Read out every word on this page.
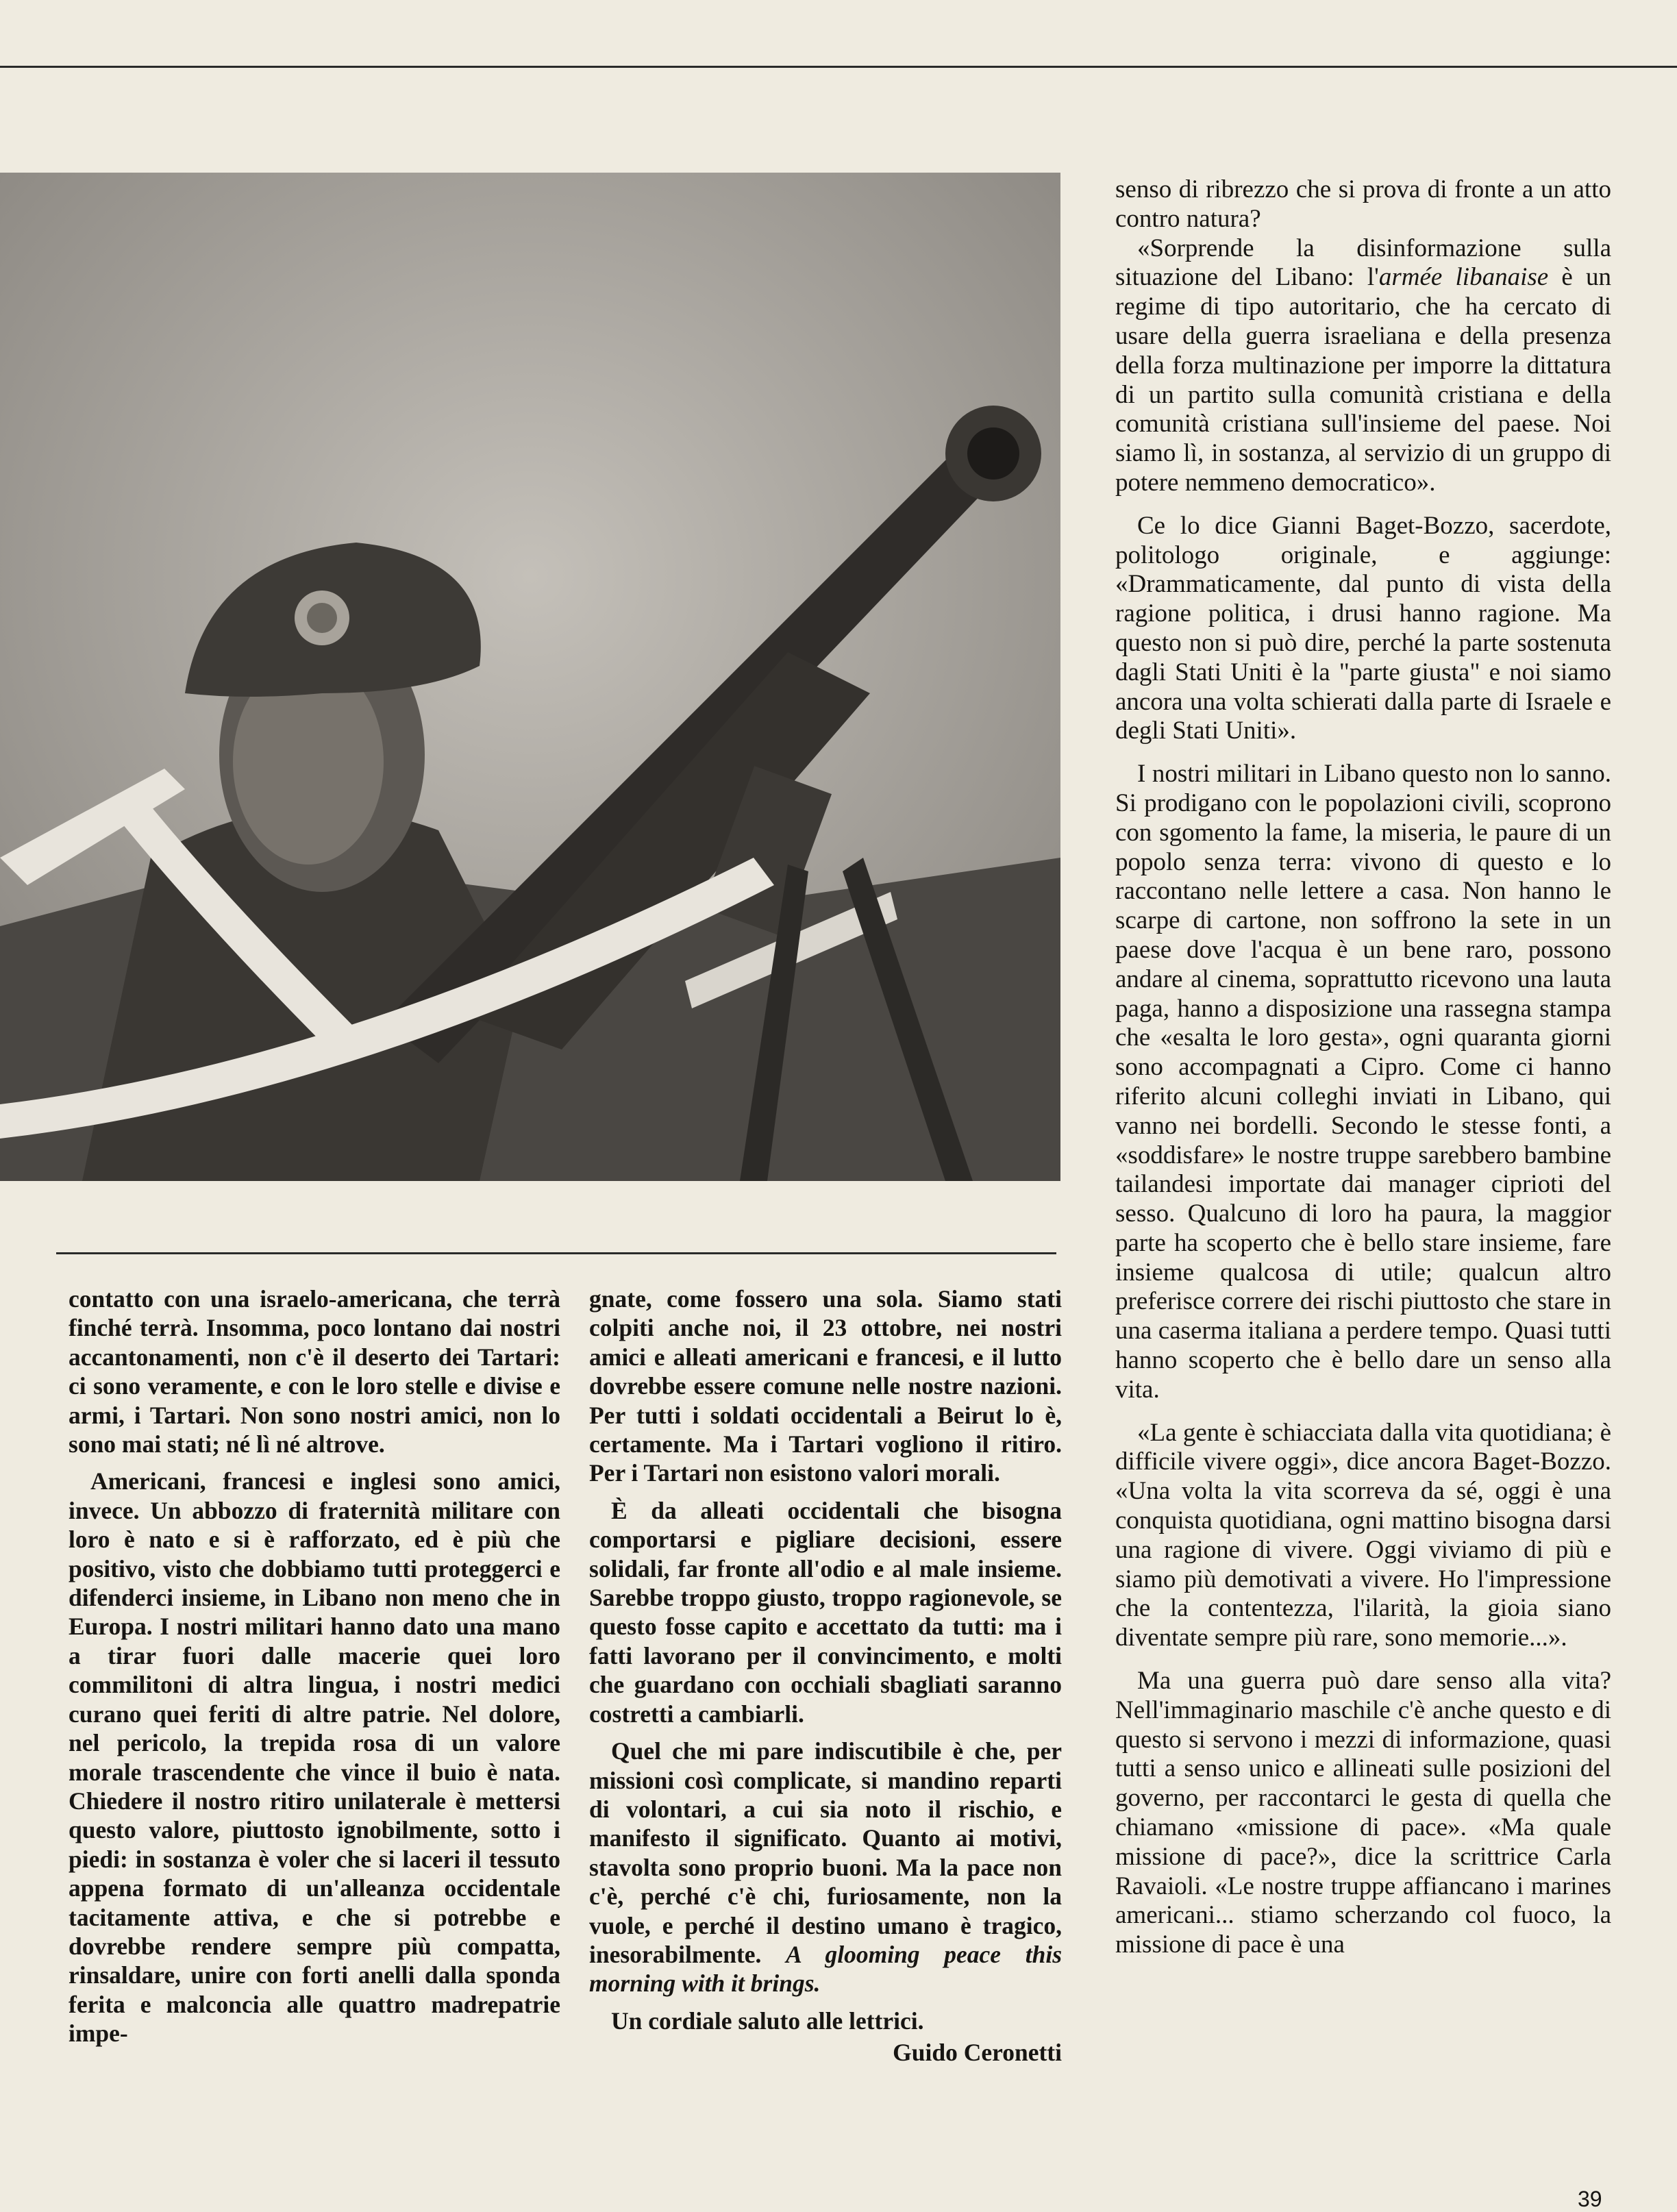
contatto con una israelo-americana, che terrà finché terrà. Insomma, poco lontano dai nostri accantonamenti, non c'è il deserto dei Tartari: ci sono veramente, e con le loro stelle e divise e armi, i Tartari. Non sono nostri amici, non lo sono mai stati; né lì né altrove.

Americani, francesi e inglesi sono amici, invece. Un abbozzo di fraternità militare con loro è nato e si è rafforzato, ed è più che positivo, visto che dobbiamo tutti proteggerci e difenderci insieme, in Libano non meno che in Europa. I nostri militari hanno dato una mano a tirar fuori dalle macerie quei loro commilitoni di altra lingua, i nostri medici curano quei feriti di altre patrie. Nel dolore, nel pericolo, la trepida rosa di un valore morale trascendente che vince il buio è nata. Chiedere il nostro ritiro unilaterale è mettersi questo valore, piuttosto ignobilmente, sotto i piedi: in sostanza è voler che si laceri il tessuto appena formato di un'alleanza occidentale tacitamente attiva, e che si potrebbe e dovrebbe rendere sempre più compatta, rinsaldare, unire con forti anelli dalla sponda ferita e malconcia alle quattro madrepatrie impe-

gnate, come fossero una sola. Siamo stati colpiti anche noi, il 23 ottobre, nei nostri amici e alleati americani e francesi, e il lutto dovrebbe essere comune nelle nostre nazioni. Per tutti i soldati occidentali a Beirut lo è, certamente. Ma i Tartari vogliono il ritiro. Per i Tartari non esistono valori morali.

È da alleati occidentali che bisogna comportarsi e pigliare decisioni, essere solidali, far fronte all'odio e al male insieme. Sarebbe troppo giusto, troppo ragionevole, se questo fosse capito e accettato da tutti: ma i fatti lavorano per il convincimento, e molti che guardano con occhiali sbagliati saranno costretti a cambiarli.

Quel che mi pare indiscutibile è che, per missioni così complicate, si mandino reparti di volontari, a cui sia noto il rischio, e manifesto il significato. Quanto ai motivi, stavolta sono proprio buoni. Ma la pace non c'è, perché c'è chi, furiosamente, non la vuole, e perché il destino umano è tragico, inesorabilmente. A glooming peace this morning with it brings.

Un cordiale saluto alle lettrici.

Guido Ceronetti

senso di ribrezzo che si prova di fronte a un atto contro natura?

«Sorprende la disinformazione sulla situazione del Libano: l'armée libanaise è un regime di tipo autoritario, che ha cercato di usare della guerra israeliana e della presenza della forza multinazione per imporre la dittatura di un partito sulla comunità cristiana e della comunità cristiana sull'insieme del paese. Noi siamo lì, in sostanza, al servizio di un gruppo di potere nemmeno democratico».

Ce lo dice Gianni Baget-Bozzo, sacerdote, politologo originale, e aggiunge: «Drammaticamente, dal punto di vista della ragione politica, i drusi hanno ragione. Ma questo non si può dire, perché la parte sostenuta dagli Stati Uniti è la "parte giusta" e noi siamo ancora una volta schierati dalla parte di Israele e degli Stati Uniti».

I nostri militari in Libano questo non lo sanno. Si prodigano con le popolazioni civili, scoprono con sgomento la fame, la miseria, le paure di un popolo senza terra: vivono di questo e lo raccontano nelle lettere a casa. Non hanno le scarpe di cartone, non soffrono la sete in un paese dove l'acqua è un bene raro, possono andare al cinema, soprattutto ricevono una lauta paga, hanno a disposizione una rassegna stampa che «esalta le loro gesta», ogni quaranta giorni sono accompagnati a Cipro. Come ci hanno riferito alcuni colleghi inviati in Libano, qui vanno nei bordelli. Secondo le stesse fonti, a «soddisfare» le nostre truppe sarebbero bambine tailandesi importate dai manager ciprioti del sesso. Qualcuno di loro ha paura, la maggior parte ha scoperto che è bello stare insieme, fare insieme qualcosa di utile; qualcun altro preferisce correre dei rischi piuttosto che stare in una caserma italiana a perdere tempo. Quasi tutti hanno scoperto che è bello dare un senso alla vita.

«La gente è schiacciata dalla vita quotidiana; è difficile vivere oggi», dice ancora Baget-Bozzo. «Una volta la vita scorreva da sé, oggi è una conquista quotidiana, ogni mattino bisogna darsi una ragione di vivere. Oggi viviamo di più e siamo più demotivati a vivere. Ho l'impressione che la contentezza, l'ilarità, la gioia siano diventate sempre più rare, sono memorie...».

Ma una guerra può dare senso alla vita? Nell'immaginario maschile c'è anche questo e di questo si servono i mezzi di informazione, quasi tutti a senso unico e allineati sulle posizioni del governo, per raccontarci le gesta di quella che chiamano «missione di pace». «Ma quale missione di pace?», dice la scrittrice Carla Ravaioli. «Le nostre truppe affiancano i marines americani... stiamo scherzando col fuoco, la missione di pace è una

39
